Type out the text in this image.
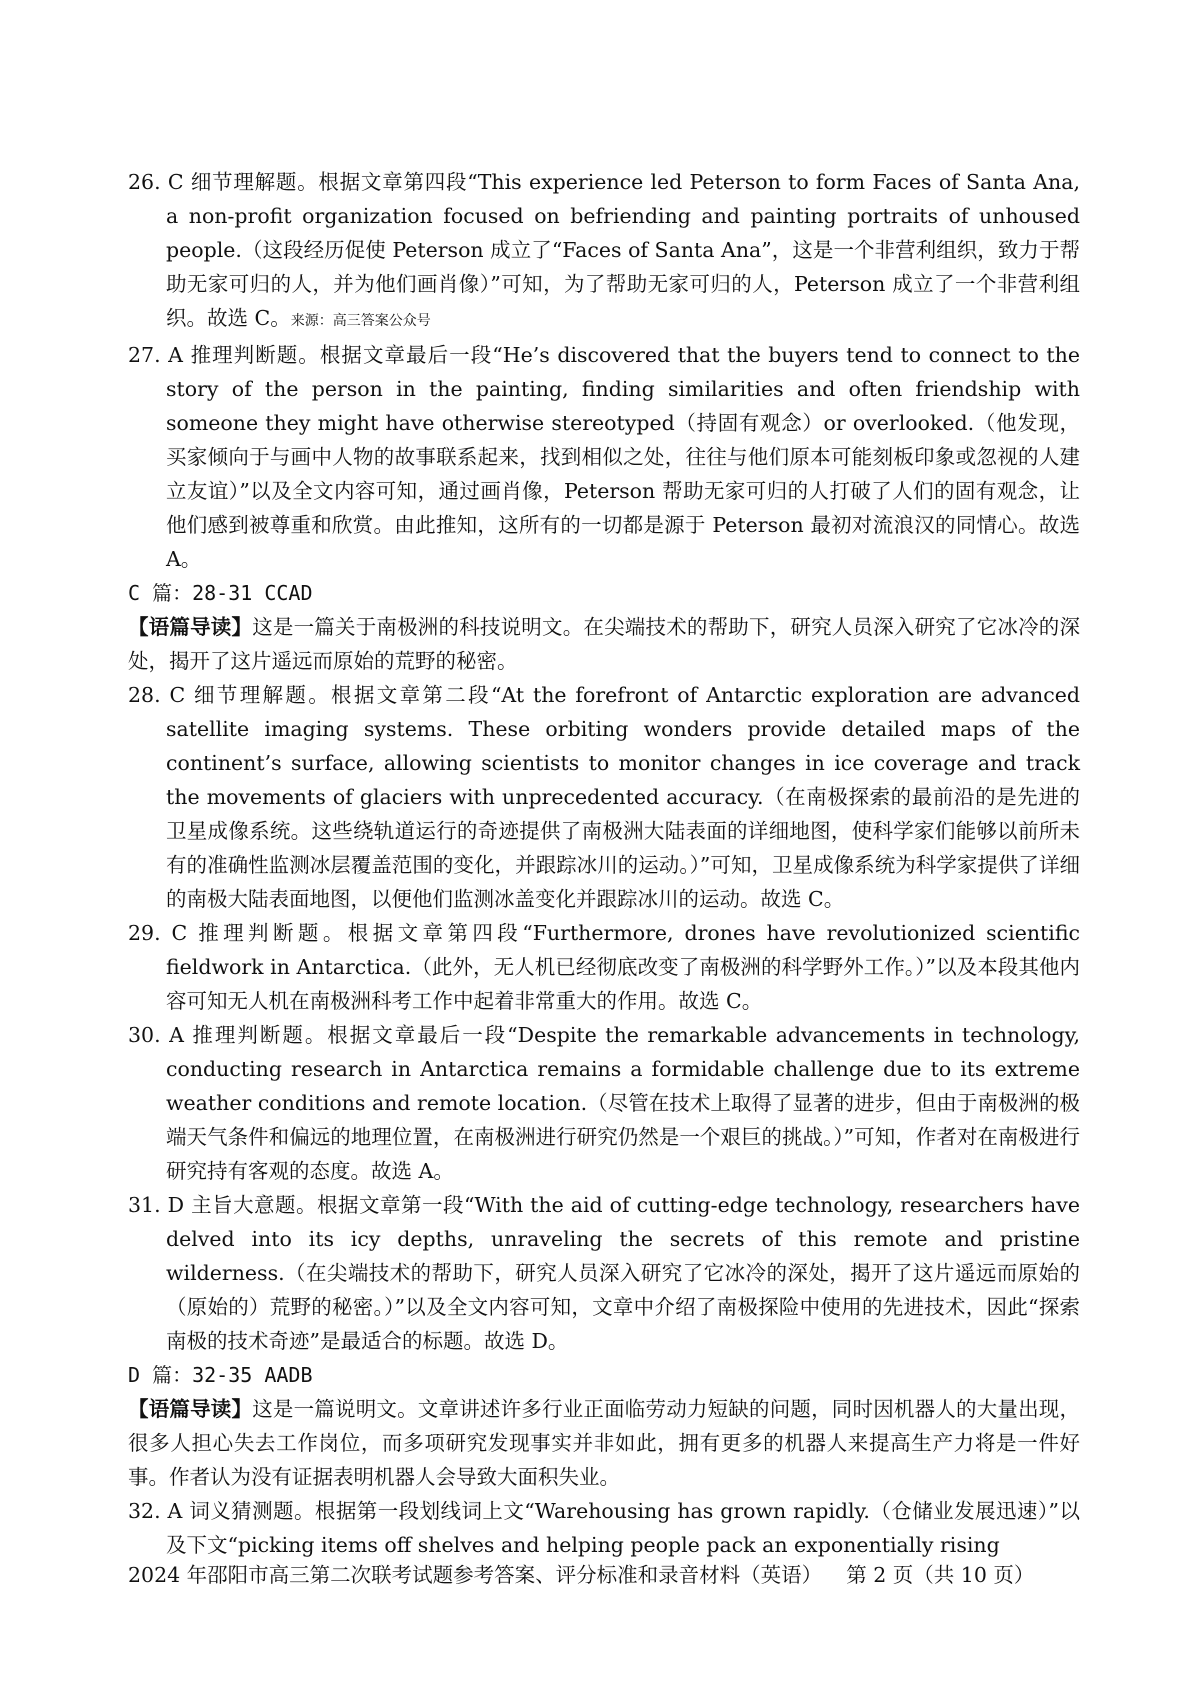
26. C 细节理解题。根据文章第四段“This experience led Peterson to form Faces of Santa Ana, a non-profit organization focused on befriending and painting portraits of unhoused people.（这段经历促使 Peterson 成立了“Faces of Santa Ana”，这是一个非营利组织，致力于帮助无家可归的人，并为他们画肖像）”可知，为了帮助无家可归的人，Peterson 成立了一个非营利组织。故选 C。来源：高三答案公众号

27. A 推理判断题。根据文章最后一段“He’s discovered that the buyers tend to connect to the story of the person in the painting, finding similarities and often friendship with someone they might have otherwise stereotyped（持固有观念）or overlooked.（他发现，买家倾向于与画中人物的故事联系起来，找到相似之处，往往与他们原本可能刻板印象或忽视的人建立友谊）”以及全文内容可知，通过画肖像，Peterson 帮助无家可归的人打破了人们的固有观念，让他们感到被尊重和欣赏。由此推知，这所有的一切都是源于 Peterson 最初对流浪汉的同情心。故选 A。

C 篇：28-31 CCAD

【语篇导读】这是一篇关于南极洲的科技说明文。在尖端技术的帮助下，研究人员深入研究了它冰冷的深处，揭开了这片遥远而原始的荒野的秘密。

28. C 细节理解题。根据文章第二段“At the forefront of Antarctic exploration are advanced satellite imaging systems. These orbiting wonders provide detailed maps of the continent’s surface, allowing scientists to monitor changes in ice coverage and track the movements of glaciers with unprecedented accuracy.（在南极探索的最前沿的是先进的卫星成像系统。这些绕轨道运行的奇迹提供了南极洲大陆表面的详细地图，使科学家们能够以前所未有的准确性监测冰层覆盖范围的变化，并跟踪冰川的运动。）”可知，卫星成像系统为科学家提供了详细的南极大陆表面地图，以便他们监测冰盖变化并跟踪冰川的运动。故选 C。

29. C 推理判断题。根据文章第四段“Furthermore, drones have revolutionized scientific fieldwork in Antarctica.（此外，无人机已经彻底改变了南极洲的科学野外工作。）”以及本段其他内容可知无人机在南极洲科考工作中起着非常重大的作用。故选 C。

30. A 推理判断题。根据文章最后一段“Despite the remarkable advancements in technology, conducting research in Antarctica remains a formidable challenge due to its extreme weather conditions and remote location.（尽管在技术上取得了显著的进步，但由于南极洲的极端天气条件和偏远的地理位置，在南极洲进行研究仍然是一个艰巨的挑战。）”可知，作者对在南极进行研究持有客观的态度。故选 A。

31. D 主旨大意题。根据文章第一段“With the aid of cutting-edge technology, researchers have delved into its icy depths, unraveling the secrets of this remote and pristine wilderness.（在尖端技术的帮助下，研究人员深入研究了它冰冷的深处，揭开了这片遥远而原始的（原始的）荒野的秘密。）”以及全文内容可知，文章中介绍了南极探险中使用的先进技术，因此“探索南极的技术奇迹”是最适合的标题。故选 D。

D 篇：32-35 AADB

【语篇导读】这是一篇说明文。文章讲述许多行业正面临劳动力短缺的问题，同时因机器人的大量出现，很多人担心失去工作岗位，而多项研究发现事实并非如此，拥有更多的机器人来提高生产力将是一件好事。作者认为没有证据表明机器人会导致大面积失业。

32. A 词义猜测题。根据第一段划线词上文“Warehousing has grown rapidly.（仓储业发展迅速）”以及下文“picking items off shelves and helping people pack an exponentially rising

2024 年邵阳市高三第二次联考试题参考答案、评分标准和录音材料（英语） 第 2 页（共 10 页）
